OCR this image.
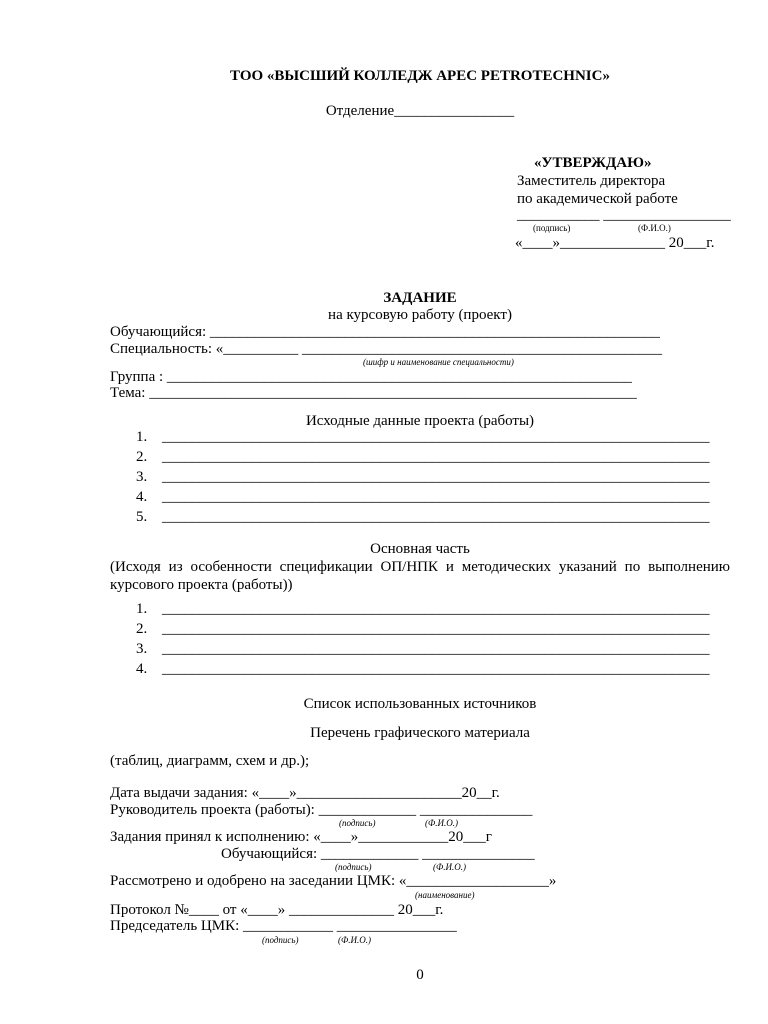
ТОО «ВЫСШИЙ КОЛЛЕДЖ APEC PETROTECHNIC»
Отделение________________
«УТВЕРЖДАЮ»
Заместитель директора
по академической работе
___________ _________________
(подпись)	(Ф.И.О.)
«____»______________ 20___г.
ЗАДАНИЕ
на курсовую работу (проект)
Обучающийся: ____________________________________________________________
Специальность: «__________ ________________________________________________
(шифр и наименование специальности)
Группа : ______________________________________________________________
Тема: _________________________________________________________________
Исходные данные проекта (работы)
1. _________________________________________________________________________
2. _________________________________________________________________________
3. _________________________________________________________________________
4. _________________________________________________________________________
5. _________________________________________________________________________
Основная часть
(Исходя из особенности спецификации ОП/НПК и методических указаний по выполнению курсового проекта (работы))
1. _________________________________________________________________________
2. _________________________________________________________________________
3. _________________________________________________________________________
4. _________________________________________________________________________
Список использованных источников
Перечень графического материала
(таблиц, диаграмм, схем и др.);
Дата выдачи задания: «____»______________________20__г.
Руководитель проекта (работы): _____________ _______________
(подпись)	(Ф.И.О.)
Задания принял к исполнению: «____»____________20___г
Обучающийся: _____________ _______________
(подпись)	(Ф.И.О.)
Рассмотрено и одобрено на заседании ЦМК: «___________________»
(наименование)
Протокол №____ от «____» ______________ 20___г.
Председатель ЦМК: ____________ ________________
(подпись)	(Ф.И.О.)
0
